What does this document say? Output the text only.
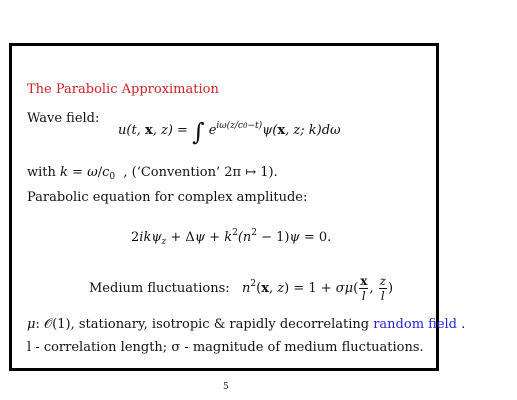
The Parabolic Approximation
Wave field:
u(t, x, z) = ∫ $e^{i\omega(z/c0-t)}\psi(x$, z; k)dω
with $k = \omega/c_0$ , (‘Convention’ 2π ↦ 1).
Parabolic equation for complex amplitude:
$2ik\psi_z + \Delta\psi + k^2(n^2 - 1)\psi = 0$.
Medium fluctuations: $n^2(x$, $z) = 1 + \sigma\mu( \frac{x}{l}$ , $\frac{z}{l}$ )
μ: 𝒪(1), stationary, isotropic & rapidly decorrelating random field .
l - correlation length; σ - magnitude of medium fluctuations.
5
